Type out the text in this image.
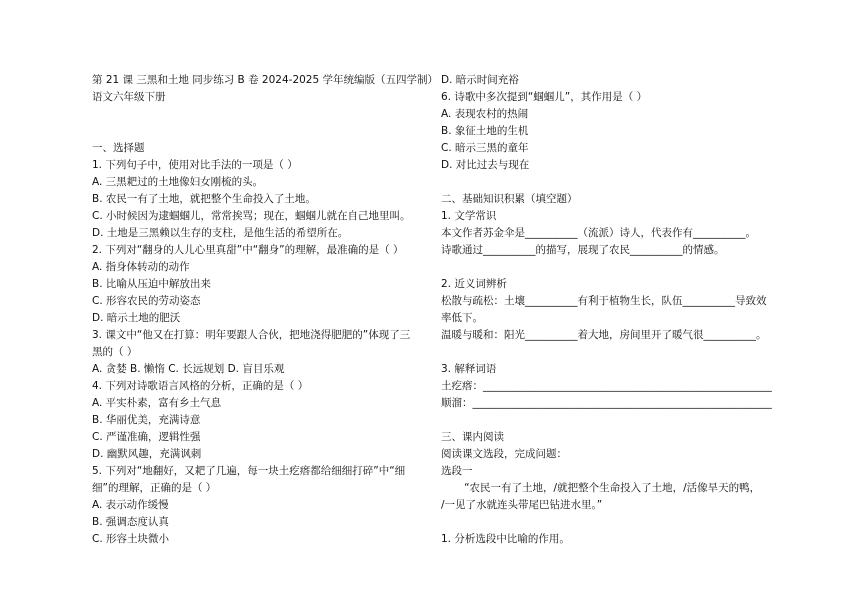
第 21 课 三黑和土地 同步练习 B 卷 2024-2025 学年统编版（五四学制）
语文六年级下册
一、选择题
1. 下列句子中，使用对比手法的一项是（ ）
A. 三黑耙过的土地像妇女刚梳的头。
B. 农民一有了土地，就把整个生命投入了土地。
C. 小时候因为逮蝈蝈儿，常常挨骂；现在，蝈蝈儿就在自己地里叫。
D. 土地是三黑赖以生存的支柱，是他生活的希望所在。
2. 下列对“翻身的人儿心里真甜”中“翻身”的理解，最准确的是（ ）
A. 指身体转动的动作
B. 比喻从压迫中解放出来
C. 形容农民的劳动姿态
D. 暗示土地的肥沃
3. 课文中“他又在打算：明年要跟人合伙，把地浇得肥肥的”体现了三
黑的（ ）
A. 贪婪 B. 懒惰 C. 长远规划 D. 盲目乐观
4. 下列对诗歌语言风格的分析，正确的是（ ）
A. 平实朴素，富有乡土气息
B. 华丽优美，充满诗意
C. 严谨准确，逻辑性强
D. 幽默风趣，充满讽刺
5. 下列对“地翻好，又耙了几遍，每一块土疙瘩都给细细打碎”中“细
细”的理解，正确的是（ ）
A. 表示动作缓慢
B. 强调态度认真
C. 形容土块微小
D. 暗示时间充裕
6. 诗歌中多次提到“蝈蝈儿”，其作用是（ ）
A. 表现农村的热闹
B. 象征土地的生机
C. 暗示三黑的童年
D. 对比过去与现在
二、基础知识积累（填空题）
1. 文学常识
本文作者苏金伞是__________（流派）诗人，代表作有__________。
诗歌通过__________的描写，展现了农民__________的情感。
2. 近义词辨析
松散与疏松：土壤__________有利于植物生长，队伍__________导致效
率低下。
温暖与暖和：阳光__________着大地，房间里开了暖气很__________。
3. 解释词语
土疙瘩：_______________________________________________________
顺溜：_________________________________________________________
三、课内阅读
阅读课文选段，完成问题：
选段一
“农民一有了土地，/就把整个生命投入了土地，/活像旱天的鸭，
/一见了水就连头带尾巴钻进水里。”
1. 分析选段中比喻的作用。
